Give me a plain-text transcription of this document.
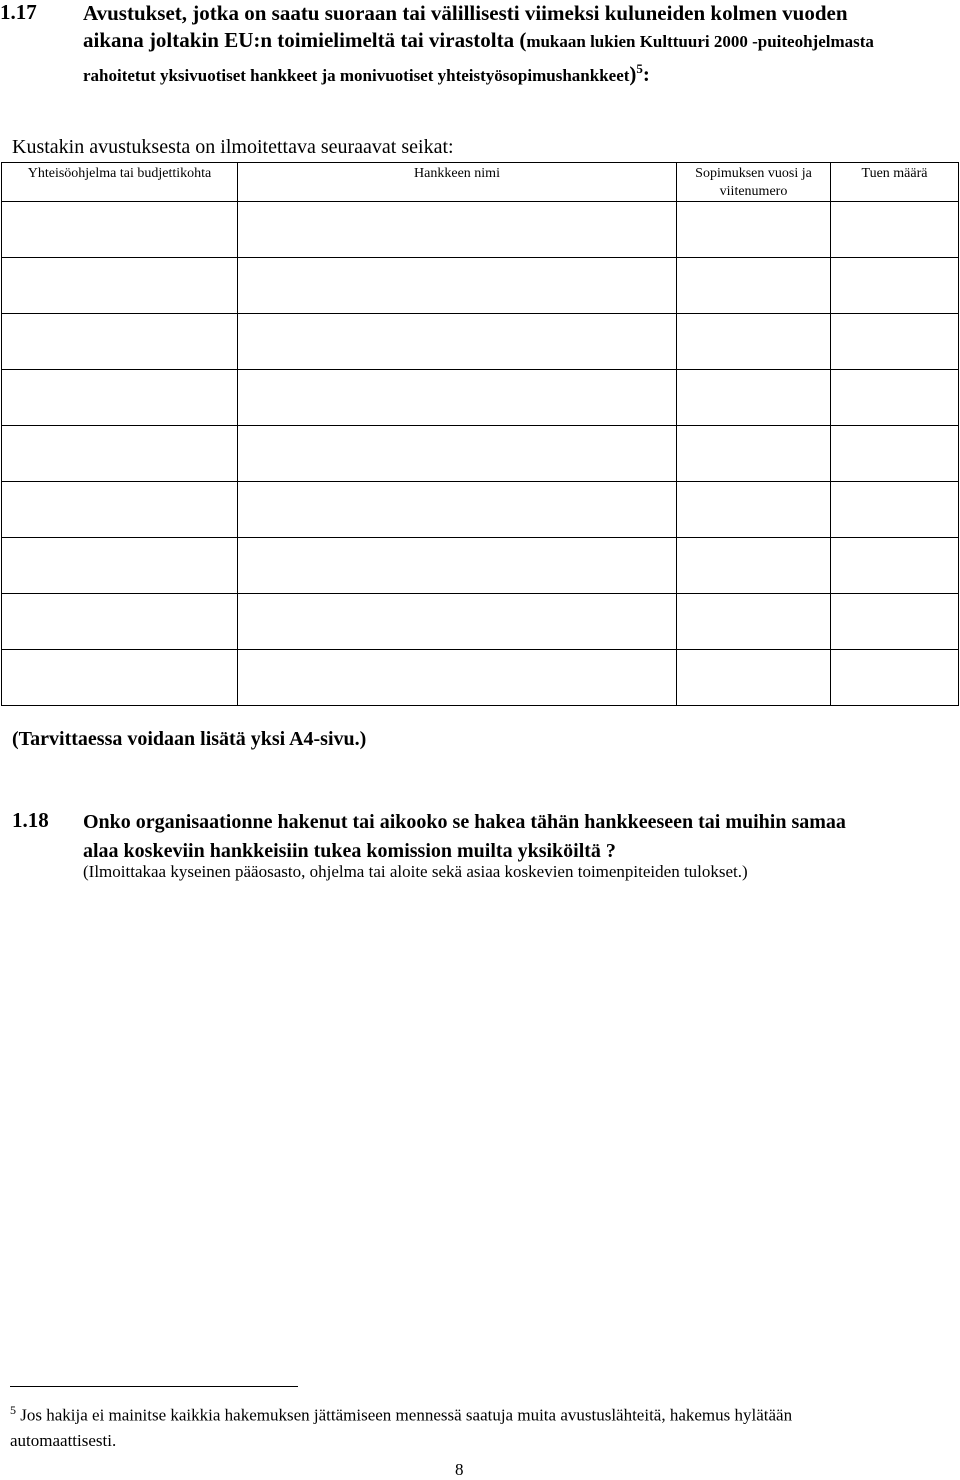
1.17 Avustukset, jotka on saatu suoraan tai välillisesti viimeksi kuluneiden kolmen vuoden aikana joltakin EU:n toimielimeltä tai virastolta (mukaan lukien Kulttuuri 2000 -puiteohjelmasta rahoitetut yksivuotiset hankkeet ja monivuotiset yhteistyösopimushankkeet)$^5$:
Kustakin avustuksesta on ilmoitettava seuraavat seikat:
Yhteisöohjelma tai budjettikohta	Hankkeen nimi	Sopimuksen vuosi ja viitenumero	Tuen määrä

(Tarvittaessa voidaan lisätä yksi A4-sivu.)
1.18 Onko organisaationne hakenut tai aikooko se hakea tähän hankkeeseen tai muihin samaa alaa koskeviin hankkeisiin tukea komission muilta yksiköiltä ?
(Ilmoittakaa kyseinen pääosasto, ohjelma tai aloite sekä asiaa koskevien toimenpiteiden tulokset.)
$^5$ Jos hakija ei mainitse kaikkia hakemuksen jättämiseen mennessä saatuja muita avustuslähteitä, hakemus hylätään automaattisesti.
8
